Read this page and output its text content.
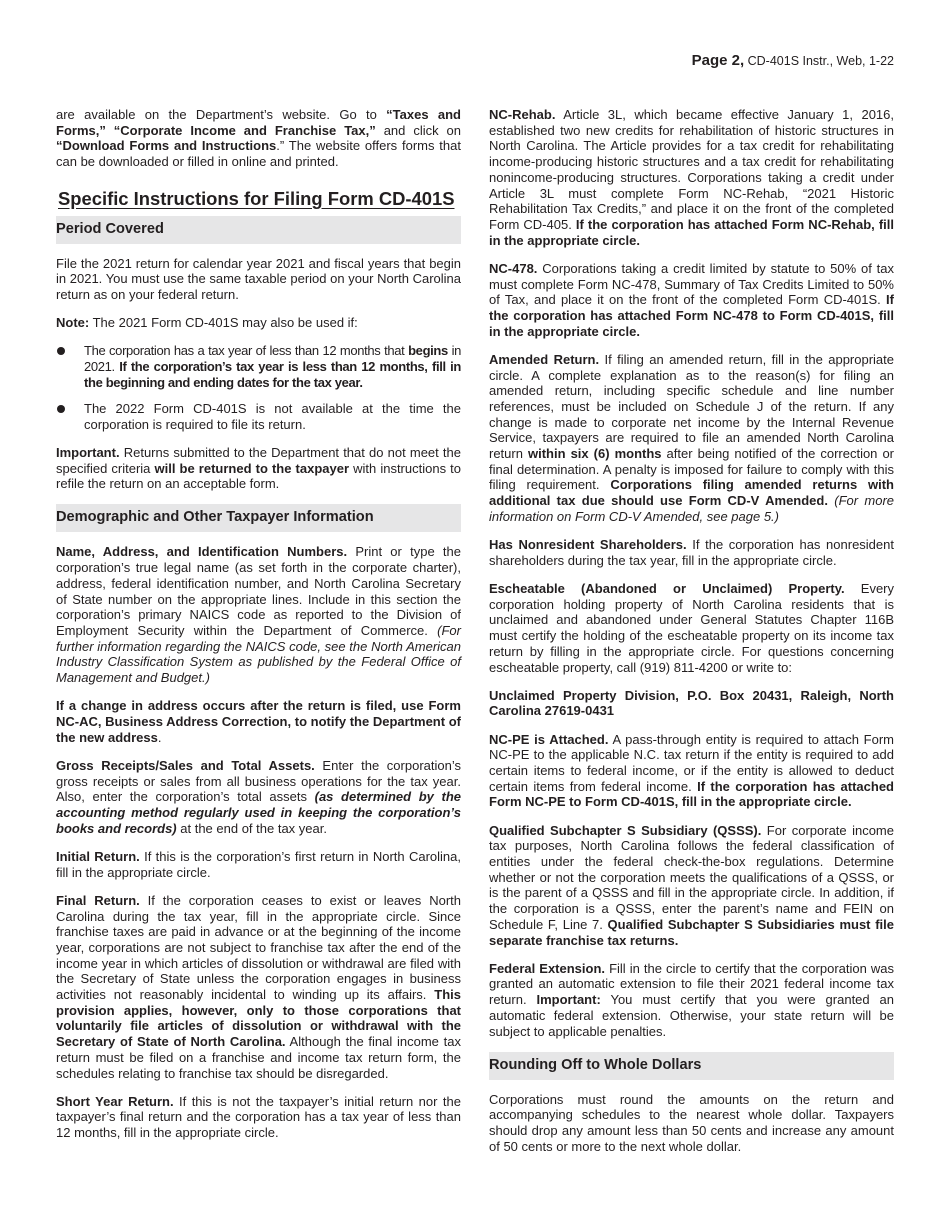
Page 2, CD-401S Instr., Web, 1-22

are available on the Department’s website. Go to “Taxes and Forms,” “Corporate Income and Franchise Tax,” and click on “Download Forms and Instructions.” The website offers forms that can be downloaded or filled in online and printed.

Specific Instructions for Filing Form CD-401S
Period Covered

File the 2021 return for calendar year 2021 and fiscal years that begin in 2021. You must use the same taxable period on your North Carolina return as on your federal return.

Note: The 2021 Form CD-401S may also be used if:

The corporation has a tax year of less than 12 months that begins in 2021. If the corporation’s tax year is less than 12 months, fill in the beginning and ending dates for the tax year.
The 2022 Form CD-401S is not available at the time the corporation is required to file its return.

Important. Returns submitted to the Department that do not meet the specified criteria will be returned to the taxpayer with instructions to refile the return on an acceptable form.

Demographic and Other Taxpayer Information

Name, Address, and Identification Numbers. Print or type the corporation’s true legal name (as set forth in the corporate charter), address, federal identification number, and North Carolina Secretary of State number on the appropriate lines. Include in this section the corporation’s primary NAICS code as reported to the Division of Employment Security within the Department of Commerce. (For further information regarding the NAICS code, see the North American Industry Classification System as published by the Federal Office of Management and Budget.)

If a change in address occurs after the return is filed, use Form NC-AC, Business Address Correction, to notify the Department of the new address.

Gross Receipts/Sales and Total Assets. Enter the corporation’s gross receipts or sales from all business operations for the tax year. Also, enter the corporation’s total assets (as determined by the accounting method regularly used in keeping the corporation’s books and records) at the end of the tax year.

Initial Return. If this is the corporation’s first return in North Carolina, fill in the appropriate circle.

Final Return. If the corporation ceases to exist or leaves North Carolina during the tax year, fill in the appropriate circle. Since franchise taxes are paid in advance or at the beginning of the income year, corporations are not subject to franchise tax after the end of the income year in which articles of dissolution or withdrawal are filed with the Secretary of State unless the corporation engages in business activities not reasonably incidental to winding up its affairs. This provision applies, however, only to those corporations that voluntarily file articles of dissolution or withdrawal with the Secretary of State of North Carolina. Although the final income tax return must be filed on a franchise and income tax return form, the schedules relating to franchise tax should be disregarded.

Short Year Return. If this is not the taxpayer’s initial return nor the taxpayer’s final return and the corporation has a tax year of less than 12 months, fill in the appropriate circle.

NC-Rehab. Article 3L, which became effective January 1, 2016, established two new credits for rehabilitation of historic structures in North Carolina. The Article provides for a tax credit for rehabilitating income-producing historic structures and a tax credit for rehabilitating nonincome-producing structures. Corporations taking a credit under Article 3L must complete Form NC-Rehab, “2021 Historic Rehabilitation Tax Credits,” and place it on the front of the completed Form CD-405. If the corporation has attached Form NC-Rehab, fill in the appropriate circle.

NC-478. Corporations taking a credit limited by statute to 50% of tax must complete Form NC-478, Summary of Tax Credits Limited to 50% of Tax, and place it on the front of the completed Form CD-401S. If the corporation has attached Form NC-478 to Form CD-401S, fill in the appropriate circle.

Amended Return. If filing an amended return, fill in the appropriate circle. A complete explanation as to the reason(s) for filing an amended return, including specific schedule and line number references, must be included on Schedule J of the return. If any change is made to corporate net income by the Internal Revenue Service, taxpayers are required to file an amended North Carolina return within six (6) months after being notified of the correction or final determination. A penalty is imposed for failure to comply with this filing requirement. Corporations filing amended returns with additional tax due should use Form CD-V Amended. (For more information on Form CD-V Amended, see page 5.)

Has Nonresident Shareholders. If the corporation has nonresident shareholders during the tax year, fill in the appropriate circle.

Escheatable (Abandoned or Unclaimed) Property. Every corporation holding property of North Carolina residents that is unclaimed and abandoned under General Statutes Chapter 116B must certify the holding of the escheatable property on its income tax return by filling in the appropriate circle. For questions concerning escheatable property, call (919) 811-4200 or write to:

Unclaimed Property Division, P.O. Box 20431, Raleigh, North Carolina 27619-0431

NC-PE is Attached. A pass-through entity is required to attach Form NC-PE to the applicable N.C. tax return if the entity is required to add certain items to federal income, or if the entity is allowed to deduct certain items from federal income. If the corporation has attached Form NC-PE to Form CD-401S, fill in the appropriate circle.

Qualified Subchapter S Subsidiary (QSSS). For corporate income tax purposes, North Carolina follows the federal classification of entities under the federal check-the-box regulations. Determine whether or not the corporation meets the qualifications of a QSSS, or is the parent of a QSSS and fill in the appropriate circle. In addition, if the corporation is a QSSS, enter the parent’s name and FEIN on Schedule F, Line 7. Qualified Subchapter S Subsidiaries must file separate franchise tax returns.

Federal Extension. Fill in the circle to certify that the corporation was granted an automatic extension to file their 2021 federal income tax return. Important: You must certify that you were granted an automatic federal extension. Otherwise, your state return will be subject to applicable penalties.

Rounding Off to Whole Dollars

Corporations must round the amounts on the return and accompanying schedules to the nearest whole dollar. Taxpayers should drop any amount less than 50 cents and increase any amount of 50 cents or more to the next whole dollar.
